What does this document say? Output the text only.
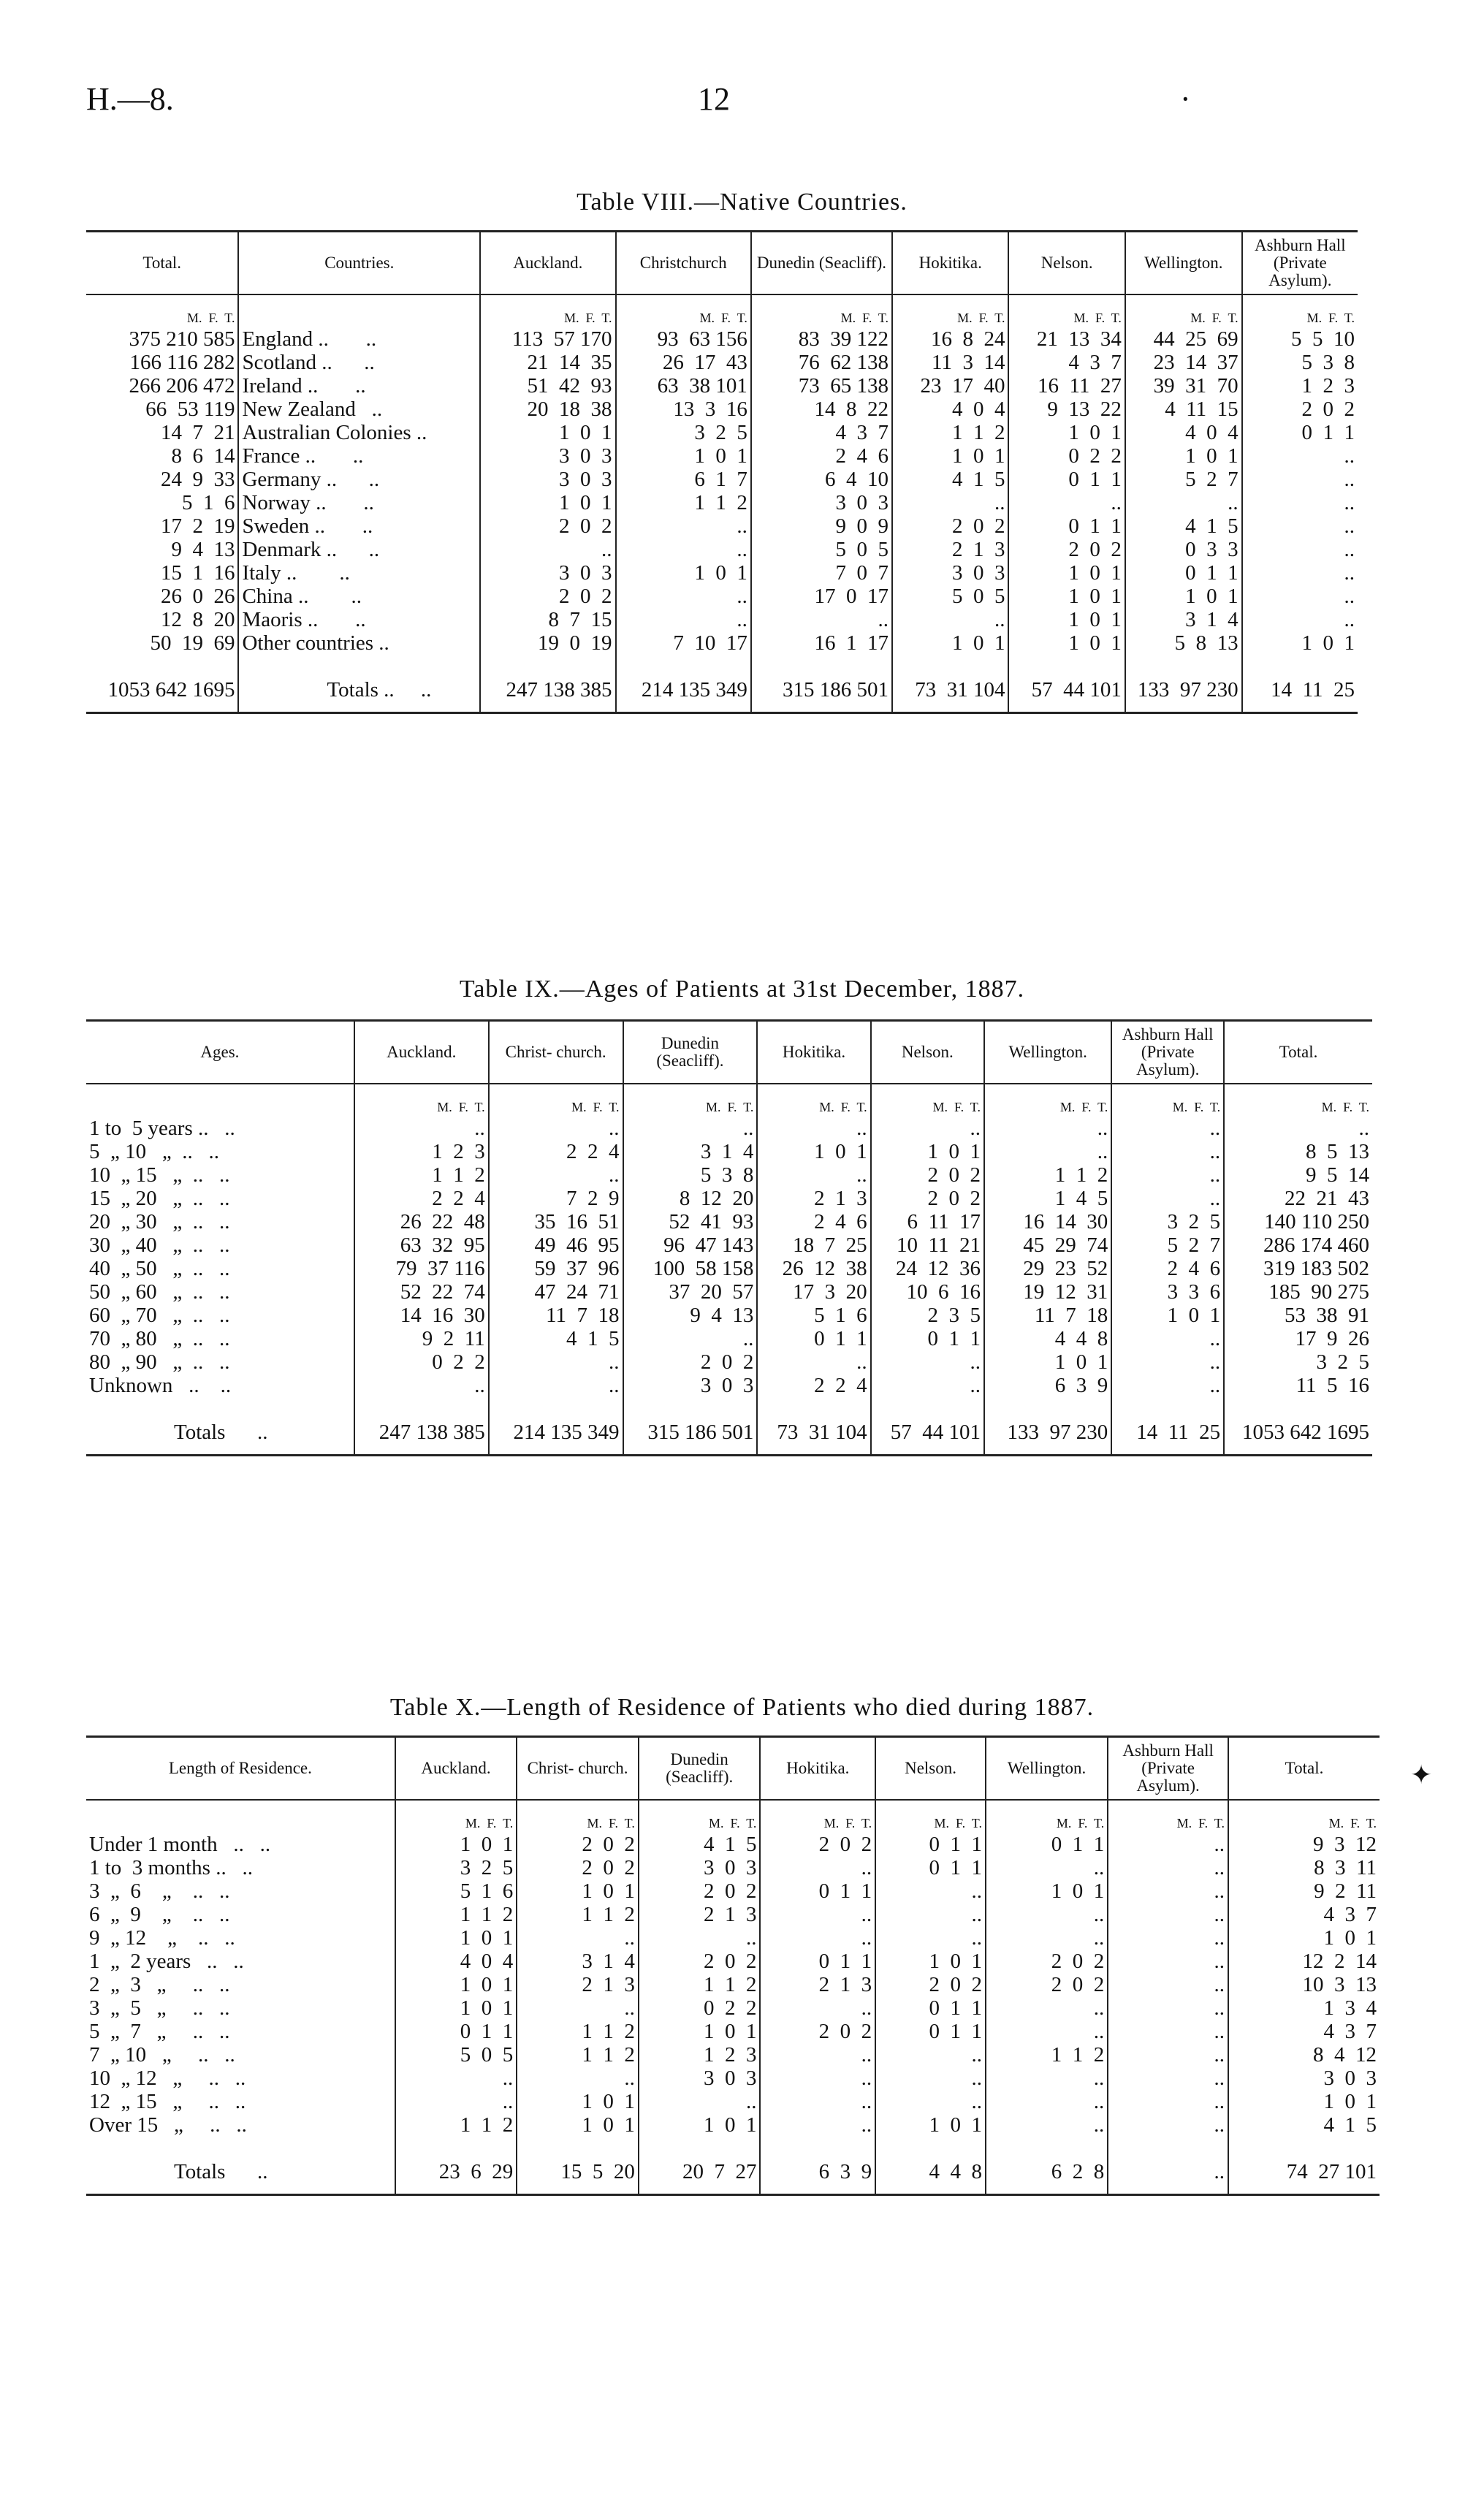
H.—8.	12	·
Table VIII.—Native Countries.
Total.	Countries.	Auckland.	Christchurch	Dunedin (Seacliff).	Hokitika.	Nelson.	Wellington.	Ashburn Hall (Private Asylum).
M.  F.  T.		M.  F.  T.	M.  F.  T.	M.  F.  T.	M.  F.  T.	M.  F.  T.	M.  F.  T.	M.  F.  T.
375 210 585	England ..       ..	113  57 170	93  63 156	83  39 122	16  8  24	21  13  34	44  25  69	5  5  10
166 116 282	Scotland ..      ..	21  14  35	26  17  43	76  62 138	11  3  14	4  3  7	23  14  37	5  3  8
266 206 472	Ireland ..       ..	51  42  93	63  38 101	73  65 138	23  17  40	16  11  27	39  31  70	1  2  3
66  53 119	New Zealand   ..	20  18  38	13  3  16	14  8  22	4  0  4	9  13  22	4  11  15	2  0  2
14  7  21	Australian Colonies ..	1  0  1	3  2  5	4  3  7	1  1  2	1  0  1	4  0  4	0  1  1
8  6  14	France ..       ..	3  0  3	1  0  1	2  4  6	1  0  1	0  2  2	1  0  1	..
24  9  33	Germany ..      ..	3  0  3	6  1  7	6  4  10	4  1  5	0  1  1	5  2  7	..
5  1  6	Norway ..       ..	1  0  1	1  1  2	3  0  3	..	..	..	..
17  2  19	Sweden ..       ..	2  0  2	..	9  0  9	2  0  2	0  1  1	4  1  5	..
9  4  13	Denmark ..      ..	..	..	5  0  5	2  1  3	2  0  2	0  3  3	..
15  1  16	Italy ..        ..	3  0  3	1  0  1	7  0  7	3  0  3	1  0  1	0  1  1	..
26  0  26	China ..        ..	2  0  2	..	17  0  17	5  0  5	1  0  1	1  0  1	..
12  8  20	Maoris ..       ..	8  7  15	..	..	..	1  0  1	3  1  4	..
50  19  69	Other countries ..	19  0  19	7  10  17	16  1  17	1  0  1	1  0  1	5  8  13	1  0  1
1053 642 1695	Totals ..     ..	247 138 385	214 135 349	315 186 501	73  31 104	57  44 101	133  97 230	14  11  25
Table IX.—Ages of Patients at 31st December, 1887.
Ages.	Auckland.	Christ- church.	Dunedin (Seacliff).	Hokitika.	Nelson.	Wellington.	Ashburn Hall (Private Asylum).	Total.
	M.  F.  T.	M.  F.  T.	M.  F.  T.	M.  F.  T.	M.  F.  T.	M.  F.  T.	M.  F.  T.	M.  F.  T.
1 to  5 years ..   ..	..	..	..	..	..	..	..	..
5  „ 10   „  ..   ..	1  2  3	2  2  4	3  1  4	1  0  1	1  0  1	..	..	8  5  13
10  „ 15   „  ..   ..	1  1  2	..	5  3  8	..	2  0  2	1  1  2	..	9  5  14
15  „ 20   „  ..   ..	2  2  4	7  2  9	8  12  20	2  1  3	2  0  2	1  4  5	..	22  21  43
20  „ 30   „  ..   ..	26  22  48	35  16  51	52  41  93	2  4  6	6  11  17	16  14  30	3  2  5	140 110 250
30  „ 40   „  ..   ..	63  32  95	49  46  95	96  47 143	18  7  25	10  11  21	45  29  74	5  2  7	286 174 460
40  „ 50   „  ..   ..	79  37 116	59  37  96	100  58 158	26  12  38	24  12  36	29  23  52	2  4  6	319 183 502
50  „ 60   „  ..   ..	52  22  74	47  24  71	37  20  57	17  3  20	10  6  16	19  12  31	3  3  6	185  90 275
60  „ 70   „  ..   ..	14  16  30	11  7  18	9  4  13	5  1  6	2  3  5	11  7  18	1  0  1	53  38  91
70  „ 80   „  ..   ..	9  2  11	4  1  5	..	0  1  1	0  1  1	4  4  8	..	17  9  26
80  „ 90   „  ..   ..	0  2  2	..	2  0  2	..	..	1  0  1	..	3  2  5
Unknown   ..    ..	..	..	3  0  3	2  2  4	..	6  3  9	..	11  5  16
Totals      ..	247 138 385	214 135 349	315 186 501	73  31 104	57  44 101	133  97 230	14  11  25	1053 642 1695
Table X.—Length of Residence of Patients who died during 1887.
Length of Residence.	Auckland.	Christ- church.	Dunedin (Seacliff).	Hokitika.	Nelson.	Wellington.	Ashburn Hall (Private Asylum).	Total.
	M.  F.  T.	M.  F.  T.	M.  F.  T.	M.  F.  T.	M.  F.  T.	M.  F.  T.	M.  F.  T.	M.  F.  T.
Under 1 month   ..   ..	1  0  1	2  0  2	4  1  5	2  0  2	0  1  1	0  1  1	..	9  3  12
1 to  3 months ..   ..	3  2  5	2  0  2	3  0  3	..	0  1  1	..	..	8  3  11
3  „  6    „    ..   ..	5  1  6	1  0  1	2  0  2	0  1  1	..	1  0  1	..	9  2  11
6  „  9    „    ..   ..	1  1  2	1  1  2	2  1  3	..	..	..	..	4  3  7
9  „ 12    „    ..   ..	1  0  1	..	..	..	..	..	..	1  0  1
1  „  2 years   ..   ..	4  0  4	3  1  4	2  0  2	0  1  1	1  0  1	2  0  2	..	12  2  14
2  „  3   „     ..   ..	1  0  1	2  1  3	1  1  2	2  1  3	2  0  2	2  0  2	..	10  3  13
3  „  5   „     ..   ..	1  0  1	..	0  2  2	..	0  1  1	..	..	1  3  4
5  „  7   „     ..   ..	0  1  1	1  1  2	1  0  1	2  0  2	0  1  1	..	..	4  3  7
7  „ 10   „     ..   ..	5  0  5	1  1  2	1  2  3	..	..	1  1  2	..	8  4  12
10  „ 12   „     ..   ..	..	..	3  0  3	..	..	..	..	3  0  3
12  „ 15   „     ..   ..	..	1  0  1	..	..	..	..	..	1  0  1
Over 15   „     ..   ..	1  1  2	1  0  1	1  0  1	..	1  0  1	..	..	4  1  5
Totals      ..	23  6  29	15  5  20	20  7  27	6  3  9	4  4  8	6  2  8	..	74  27 101
✦
